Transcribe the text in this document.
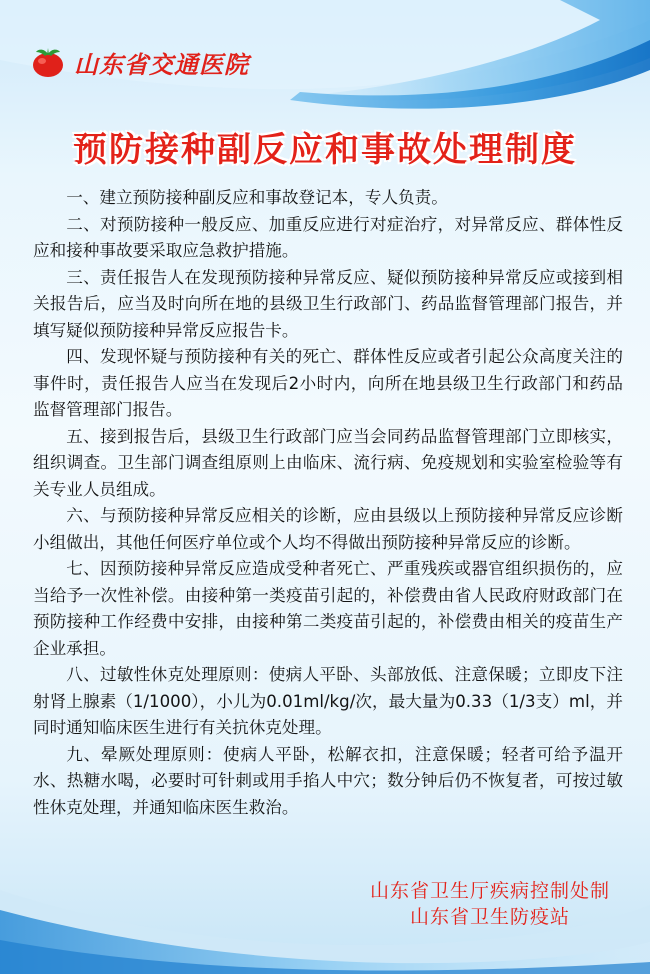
山东省交通医院
预防接种副反应和事故处理制度

一、建立预防接种副反应和事故登记本，专人负责。

二、对预防接种一般反应、加重反应进行对症治疗，对异常反应、群体性反应和接种事故要采取应急救护措施。

三、责任报告人在发现预防接种异常反应、疑似预防接种异常反应或接到相关报告后，应当及时向所在地的县级卫生行政部门、药品监督管理部门报告，并填写疑似预防接种异常反应报告卡。

四、发现怀疑与预防接种有关的死亡、群体性反应或者引起公众高度关注的事件时，责任报告人应当在发现后2小时内，向所在地县级卫生行政部门和药品监督管理部门报告。

五、接到报告后，县级卫生行政部门应当会同药品监督管理部门立即核实，组织调查。卫生部门调查组原则上由临床、流行病、免疫规划和实验室检验等有关专业人员组成。

六、与预防接种异常反应相关的诊断，应由县级以上预防接种异常反应诊断小组做出，其他任何医疗单位或个人均不得做出预防接种异常反应的诊断。

七、因预防接种异常反应造成受种者死亡、严重残疾或器官组织损伤的，应当给予一次性补偿。由接种第一类疫苗引起的，补偿费由省人民政府财政部门在预防接种工作经费中安排，由接种第二类疫苗引起的，补偿费由相关的疫苗生产企业承担。

八、过敏性休克处理原则：使病人平卧、头部放低、注意保暖；立即皮下注射肾上腺素（1/1000），小儿为0.01ml/kg/次，最大量为0.33（1/3支）ml，并同时通知临床医生进行有关抗休克处理。

九、晕厥处理原则：使病人平卧，松解衣扣，注意保暖；轻者可给予温开水、热糖水喝，必要时可针刺或用手掐人中穴；数分钟后仍不恢复者，可按过敏性休克处理，并通知临床医生救治。

山东省卫生厅疾病控制处制
山东省卫生防疫站
